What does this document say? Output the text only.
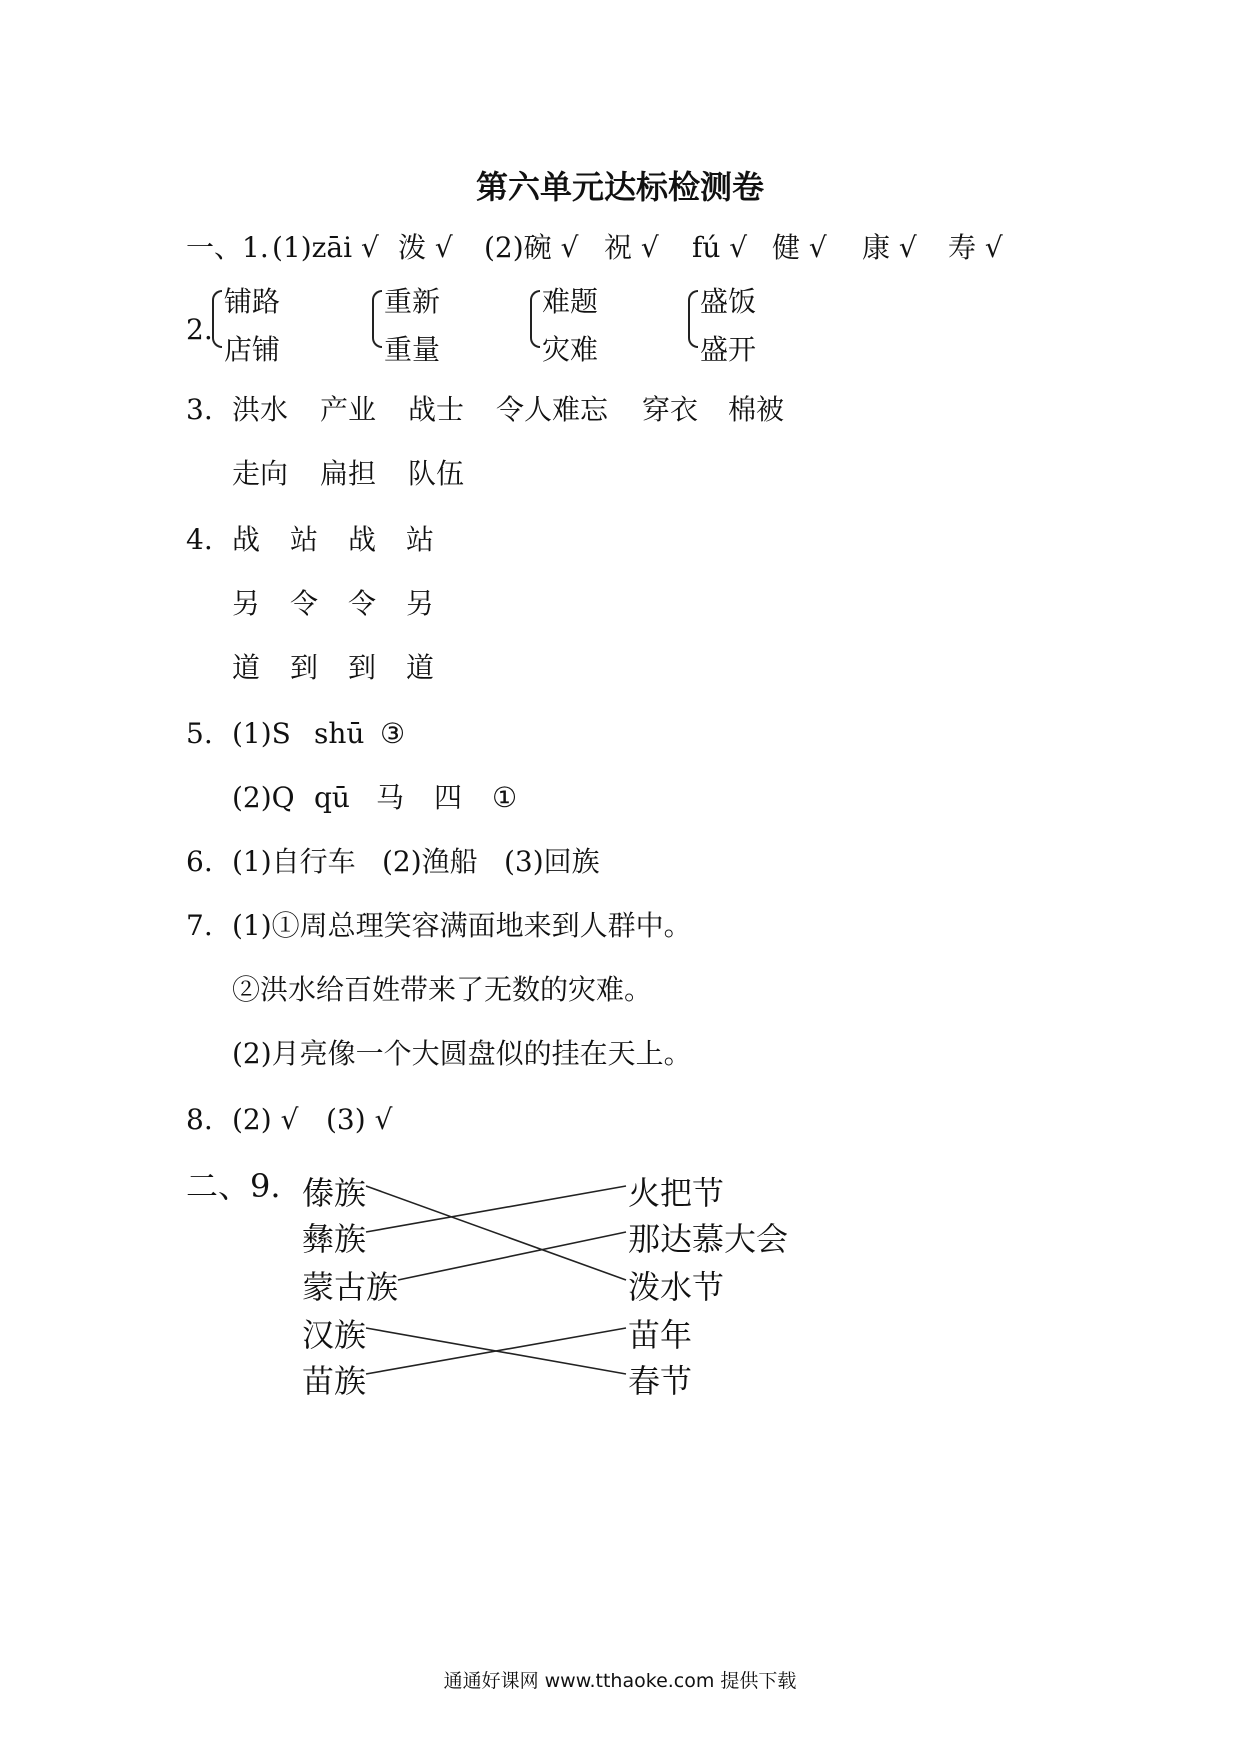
第六单元达标检测卷
一、1. (1)zāi √ 泼 √ (2)碗 √ 祝 √ fú √ 健 √ 康 √ 寿 √
2.
铺路
店铺
重新
重量
难题
灾难
盛饭
盛开
3. 洪水 产业 战士 令人难忘 穿衣 棉被
走向 扁担 队伍
4. 战 站 战 站
另 令 令 另
道 到 到 道
5. (1)S shū ③
(2)Q qū 马 四 ①
6. (1)自行车 (2)渔船 (3)回族
7. (1)①周总理笑容满面地来到人群中。
②洪水给百姓带来了无数的灾难。
(2)月亮像一个大圆盘似的挂在天上。
8. (2) √ (3) √
二、9. 傣族
彝族
蒙古族
汉族
苗族
火把节
那达慕大会
泼水节
苗年
春节
通通好课网 www.tthaoke.com 提供下载
